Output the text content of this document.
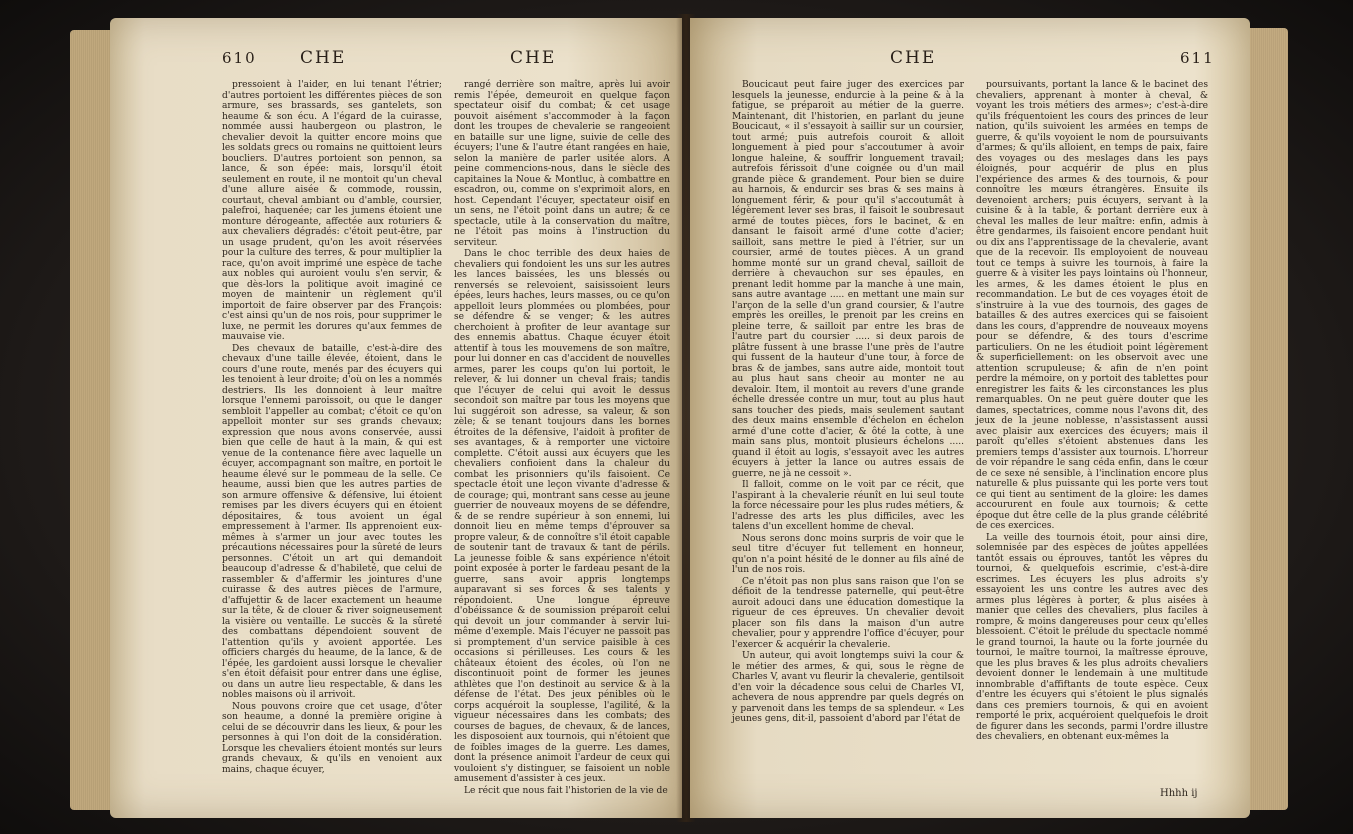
610	CHE	CHE

pressoient à l'aider, en lui tenant l'étrier; d'autres portoient les différentes pièces de son armure, ses brassards, ses gantelets, son heaume & son écu. A l'égard de la cuirasse, nommée aussi haubergeon ou plastron, le chevalier devoit la quitter encore moins que les soldats grecs ou romains ne quittoient leurs boucliers. D'autres portoient son pennon, sa lance, & son épée: mais, lorsqu'il étoit seulement en route, il ne montoit qu'un cheval d'une allure aisée & commode, roussin, courtaut, cheval ambiant ou d'amble, coursier, palefroi, haquenée; car les jumens étoient une monture dérogeante, affectée aux roturiers & aux chevaliers dégradés: c'étoit peut-être, par un usage prudent, qu'on les avoit réservées pour la culture des terres, & pour multiplier la race, qu'on avoit imprimé une espèce de tache aux nobles qui auroient voulu s'en servir, & que dès-lors la politique avoit imaginé ce moyen de maintenir un règlement qu'il importoit de faire observer par des François: c'est ainsi qu'un de nos rois, pour supprimer le luxe, ne permit les dorures qu'aux femmes de mauvaise vie.

Des chevaux de bataille, c'est-à-dire des chevaux d'une taille élevée, étoient, dans le cours d'une route, menés par des écuyers qui les tenoient à leur droite; d'où on les a nommés destriers. Ils les donnoient à leur maître lorsque l'ennemi paroissoit, ou que le danger sembloit l'appeller au combat; c'étoit ce qu'on appelloit monter sur ses grands chevaux; expression que nous avons conservée, aussi bien que celle de haut à la main, & qui est venue de la contenance fière avec laquelle un écuyer, accompagnant son maître, en portoit le heaume élevé sur le pommeau de la selle. Ce heaume, aussi bien que les autres parties de son armure offensive & défensive, lui étoient remises par les divers écuyers qui en étoient dépositaires, & tous avoient un égal empressement à l'armer. Ils apprenoient eux-mêmes à s'armer un jour avec toutes les précautions nécessaires pour la sûreté de leurs personnes. C'étoit un art qui demandoit beaucoup d'adresse & d'habileté, que celui de rassembler & d'affermir les jointures d'une cuirasse & des autres pièces de l'armure, d'affujettir & de lacer exactement un heaume sur la tête, & de clouer & river soigneusement la visière ou ventaille. Le succès & la sûreté des combattans dépendoient souvent de l'attention qu'ils y avoient apportée. Les officiers chargés du heaume, de la lance, & de l'épée, les gardoient aussi lorsque le chevalier s'en étoit défaisit pour entrer dans une église, ou dans un autre lieu respectable, & dans les nobles maisons où il arrivoit.

Nous pouvons croire que cet usage, d'ôter son heaume, a donné la première origine à celui de se découvrir dans les lieux, & pour les personnes à qui l'on doit de la considération. Lorsque les chevaliers étoient montés sur leurs grands chevaux, & qu'ils en venoient aux mains, chaque écuyer,

rangé derrière son maître, après lui avoir remis l'épée, demeuroit en quelque façon spectateur oisif du combat; & cet usage pouvoit aisément s'accommoder à la façon dont les troupes de chevalerie se rangeoient en bataille sur une ligne, suivie de celle des écuyers; l'une & l'autre étant rangées en haie, selon la manière de parler usitée alors. A peine commencions-nous, dans le siècle des capitaines la Noue & Montluc, à combattre en escadron, ou, comme on s'exprimoit alors, en host. Cependant l'écuyer, spectateur oisif en un sens, ne l'étoit point dans un autre; & ce spectacle, utile à la conservation du maître, ne l'étoit pas moins à l'instruction du serviteur.

Dans le choc terrible des deux haies de chevaliers qui fondoient les uns sur les autres les lances baissées, les uns blessés ou renversés se relevoient, saisissoient leurs épées, leurs haches, leurs masses, ou ce qu'on appelloit leurs plommées ou plombées, pour se défendre & se venger; & les autres cherchoient à profiter de leur avantage sur des ennemis abattus. Chaque écuyer étoit attentif à tous les mouvemens de son maître, pour lui donner en cas d'accident de nouvelles armes, parer les coups qu'on lui portoit, le relever, & lui donner un cheval frais; tandis que l'écuyer de celui qui avoit le dessus secondoit son maître par tous les moyens que lui suggéroit son adresse, sa valeur, & son zèle; & se tenant toujours dans les bornes étroites de la défensive, l'aidoit à profiter de ses avantages, & à remporter une victoire complette. C'étoit aussi aux écuyers que les chevaliers confioient dans la chaleur du combat les prisonniers qu'ils faisoient. Ce spectacle étoit une leçon vivante d'adresse & de courage; qui, montrant sans cesse au jeune guerrier de nouveaux moyens de se défendre, & de se rendre supérieur à son ennemi, lui donnoit lieu en même temps d'éprouver sa propre valeur, & de connoître s'il étoit capable de soutenir tant de travaux & tant de périls. La jeunesse foible & sans expérience n'étoit point exposée à porter le fardeau pesant de la guerre, sans avoir appris longtemps auparavant si ses forces & ses talents y répondoient. Une longue épreuve d'obéissance & de soumission préparoit celui qui devoit un jour commander à servir lui-même d'exemple. Mais l'écuyer ne passoit pas si promptement d'un service paisible à ces occasions si périlleuses. Les cours & les châteaux étoient des écoles, où l'on ne discontinuoit point de former les jeunes athlètes que l'on destinoit au service & à la défense de l'état. Des jeux pénibles où le corps acquéroit la souplesse, l'agilité, & la vigueur nécessaires dans les combats; des courses de bagues, de chevaux, & de lances, les disposoient aux tournois, qui n'étoient que de foibles images de la guerre. Les dames, dont la présence animoit l'ardeur de ceux qui vouloient s'y distinguer, se faisoient un noble amusement d'assister à ces jeux.

Le récit que nous fait l'historien de la vie de

CHE	611

Boucicaut peut faire juger des exercices par lesquels la jeunesse, endurcie à la peine & à la fatigue, se préparoit au métier de la guerre. Maintenant, dit l'historien, en parlant du jeune Boucicaut, « il s'essayoit à saillir sur un coursier, tout armé; puis autrefois couroit & alloit longuement à pied pour s'accoutumer à avoir longue haleine, & souffrir longuement travail; autrefois férissoit d'une coignée ou d'un mail grande pièce & grandement. Pour bien se duire au harnois, & endurcir ses bras & ses mains à longuement férir, & pour qu'il s'accoutumât à légèrement lever ses bras, il faisoit le soubresaut armé de toutes pièces, fors le bacinet, & en dansant le faisoit armé d'une cotte d'acier; sailloit, sans mettre le pied à l'étrier, sur un coursier, armé de toutes pièces. A un grand homme monté sur un grand cheval, sailloit de derrière à chevauchon sur ses épaules, en prenant ledit homme par la manche à une main, sans autre avantage ..... en mettant une main sur l'arçon de la selle d'un grand coursier, & l'autre emprès les oreilles, le prenoit par les creins en pleine terre, & sailloit par entre les bras de l'autre part du coursier ..... si deux parois de plâtre fussent à une brasse l'une près de l'autre qui fussent de la hauteur d'une tour, à force de bras & de jambes, sans autre aide, montoit tout au plus haut sans cheoir au monter ne au devaloir. Item, il montoit au revers d'une grande échelle dressée contre un mur, tout au plus haut sans toucher des pieds, mais seulement sautant des deux mains ensemble d'échelon en échelon armé d'une cotte d'acier, & ôté la cotte, à une main sans plus, montoit plusieurs échelons ..... quand il étoit au logis, s'essayoit avec les autres écuyers à jetter la lance ou autres essais de guerre, ne jà ne cessoit ».

Il falloit, comme on le voit par ce récit, que l'aspirant à la chevalerie réunît en lui seul toute la force nécessaire pour les plus rudes métiers, & l'adresse des arts les plus difficiles, avec les talens d'un excellent homme de cheval.

Nous serons donc moins surpris de voir que le seul titre d'écuyer fut tellement en honneur, qu'on n'a point hésité de le donner au fils aîné de l'un de nos rois.

Ce n'étoit pas non plus sans raison que l'on se défioit de la tendresse paternelle, qui peut-être auroit adouci dans une éducation domestique la rigueur de ces épreuves. Un chevalier devoit placer son fils dans la maison d'un autre chevalier, pour y apprendre l'office d'écuyer, pour l'exercer & acquérir la chevalerie.

Un auteur, qui avoit longtemps suivi la cour & le métier des armes, & qui, sous le règne de Charles V, avant vu fleurir la chevalerie, gentilsoit d'en voir la décadence sous celui de Charles VI, achevera de nous apprendre par quels degrés on y parvenoit dans les temps de sa splendeur. « Les jeunes gens, dit-il, passoient d'abord par l'état de

poursuivants, portant la lance & le bacinet des chevaliers, apprenant à monter à cheval, & voyant les trois métiers des armes»; c'est-à-dire qu'ils fréquentoient les cours des princes de leur nation, qu'ils suivoient les armées en temps de guerre, & qu'ils voyoient le nom de poursuivants d'armes; & qu'ils alloient, en temps de paix, faire des voyages ou des meslages dans les pays éloignés, pour acquérir de plus en plus l'expérience des armes & des tournois, & pour connoître les mœurs étrangères. Ensuite ils devenoient archers; puis écuyers, servant à la cuisine & à la table, & portant derrière eux à cheval les malles de leur maître: enfin, admis à être gendarmes, ils faisoient encore pendant huit ou dix ans l'apprentissage de la chevalerie, avant que de la recevoir. Ils employoient de nouveau tout ce temps à suivre les tournois, à faire la guerre & à visiter les pays lointains où l'honneur, les armes, & les dames étoient le plus en recommandation. Le but de ces voyages étoit de s'instruire à la vue des tournois, des gages de batailles & des autres exercices qui se faisoient dans les cours, d'apprendre de nouveaux moyens pour se défendre, & des tours d'escrime particuliers. On ne les étudioit point légèrement & superficiellement: on les observoit avec une attention scrupuleuse; & afin de n'en point perdre la mémoire, on y portoit des tablettes pour enregistrer les faits & les circonstances les plus remarquables. On ne peut guère douter que les dames, spectatrices, comme nous l'avons dit, des jeux de la jeune noblesse, n'assistassent aussi avec plaisir aux exercices des écuyers; mais il paroît qu'elles s'étoient abstenues dans les premiers temps d'assister aux tournois. L'horreur de voir répandre le sang céda enfin, dans le cœur de ce sexe né sensible, à l'inclination encore plus naturelle & plus puissante qui les porte vers tout ce qui tient au sentiment de la gloire: les dames accoururent en foule aux tournois; & cette époque dut être celle de la plus grande célébrité de ces exercices.

La veille des tournois étoit, pour ainsi dire, solemnisée par des espèces de joûtes appellées tantôt essais ou éprouves, tantôt les vêpres du tournoi, & quelquefois escrimie, c'est-à-dire escrimes. Les écuyers les plus adroits s'y essayoient les uns contre les autres avec des armes plus légères à porter, & plus aisées à manier que celles des chevaliers, plus faciles à rompre, & moins dangereuses pour ceux qu'elles blessoient. C'étoit le prélude du spectacle nommé le grand tournoi, la haute ou la forte journée du tournoi, le maître tournoi, la maîtresse éprouve, que les plus braves & les plus adroits chevaliers devoient donner le lendemain à une multitude innombrable d'affiftants de toute espèce. Ceux d'entre les écuyers qui s'étoient le plus signalés dans ces premiers tournois, & qui en avoient remporté le prix, acquéroient quelquefois le droit de figurer dans les seconds, parmi l'ordre illustre des chevaliers, en obtenant eux-mêmes la

Hhhh ij
